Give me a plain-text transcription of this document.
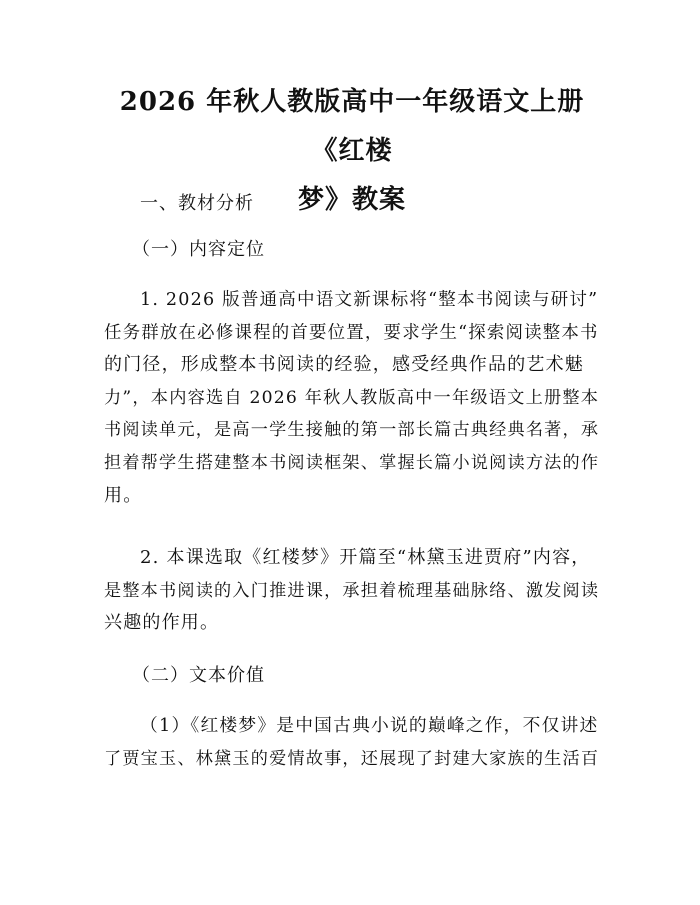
2026 年秋人教版高中一年级语文上册《红楼
梦》教案
一、教材分析
（一）内容定位
1. 2026 版普通高中语文新课标将“整本书阅读与研讨”
任务群放在必修课程的首要位置，要求学生“探索阅读整本书
的门径，形成整本书阅读的经验，感受经典作品的艺术魅
力”，本内容选自 2026 年秋人教版高中一年级语文上册整本
书阅读单元，是高一学生接触的第一部长篇古典经典名著，承
担着帮学生搭建整本书阅读框架、掌握长篇小说阅读方法的作
用。
2. 本课选取《红楼梦》开篇至“林黛玉进贾府”内容，
是整本书阅读的入门推进课，承担着梳理基础脉络、激发阅读
兴趣的作用。
（二）文本价值
（1）《红楼梦》是中国古典小说的巅峰之作，不仅讲述
了贾宝玉、林黛玉的爱情故事，还展现了封建大家族的生活百
